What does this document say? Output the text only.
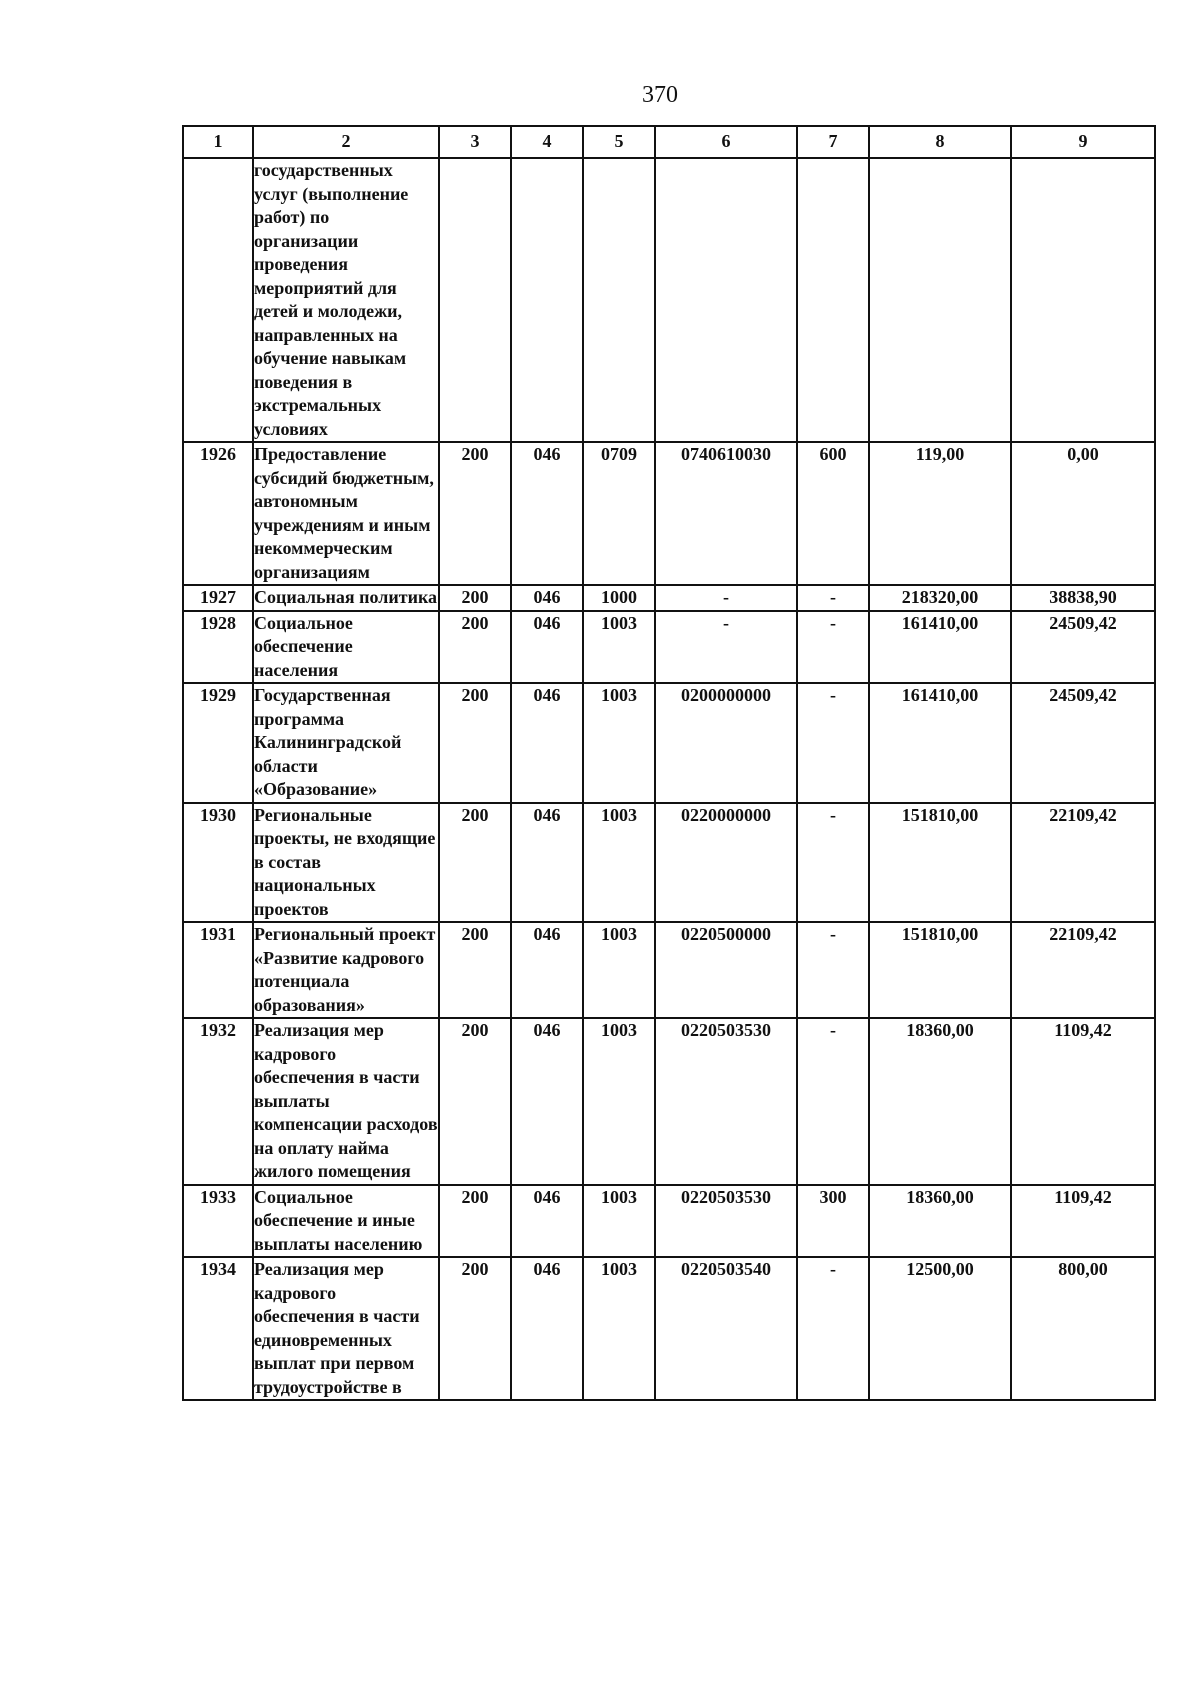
370
1	2	3	4	5	6	7	8	9
	государственных услуг (выполнение работ) по организации проведения мероприятий для детей и молодежи, направленных на обучение навыкам поведения в экстремальных условиях							
1926	Предоставление субсидий бюджетным, автономным учреждениям и иным некоммерческим организациям	200	046	0709	0740610030	600	119,00	0,00
1927	Социальная политика	200	046	1000	-	-	218320,00	38838,90
1928	Социальное обеспечение населения	200	046	1003	-	-	161410,00	24509,42
1929	Государственная программа Калининградской области «Образование»	200	046	1003	0200000000	-	161410,00	24509,42
1930	Региональные проекты, не входящие в состав национальных проектов	200	046	1003	0220000000	-	151810,00	22109,42
1931	Региональный проект «Развитие кадрового потенциала образования»	200	046	1003	0220500000	-	151810,00	22109,42
1932	Реализация мер кадрового обеспечения в части выплаты компенсации расходов на оплату найма жилого помещения	200	046	1003	0220503530	-	18360,00	1109,42
1933	Социальное обеспечение и иные выплаты населению	200	046	1003	0220503530	300	18360,00	1109,42
1934	Реализация мер кадрового обеспечения в части единовременных выплат при первом трудоустройстве в	200	046	1003	0220503540	-	12500,00	800,00
